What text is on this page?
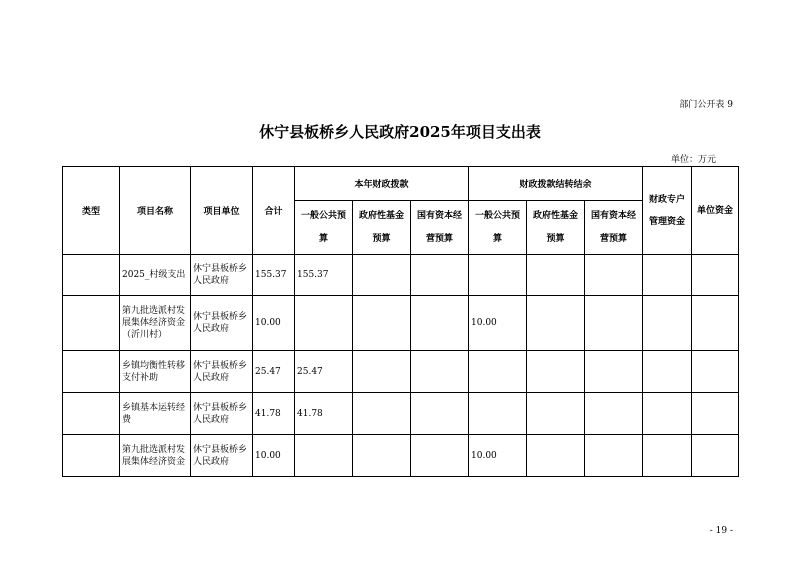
部门公开表 9
休宁县板桥乡人民政府2025年项目支出表
单位：万元
类型	项目名称	项目单位	合计	本年财政拨款			财政拨款结转结余			财政专户管理资金	单位资金
				一般公共预算	政府性基金预算	国有资本经营预算	一般公共预算	政府性基金预算	国有资本经营预算		
	2025_村级支出	休宁县板桥乡人民政府	155.37	155.37							
	第九批选派村发展集体经济资金（沂川村）	休宁县板桥乡人民政府	10.00				10.00				
	乡镇均衡性转移支付补助	休宁县板桥乡人民政府	25.47	25.47							
	乡镇基本运转经费	休宁县板桥乡人民政府	41.78	41.78							
	第九批选派村发展集体经济资金	休宁县板桥乡人民政府	10.00				10.00				
- 19 -
